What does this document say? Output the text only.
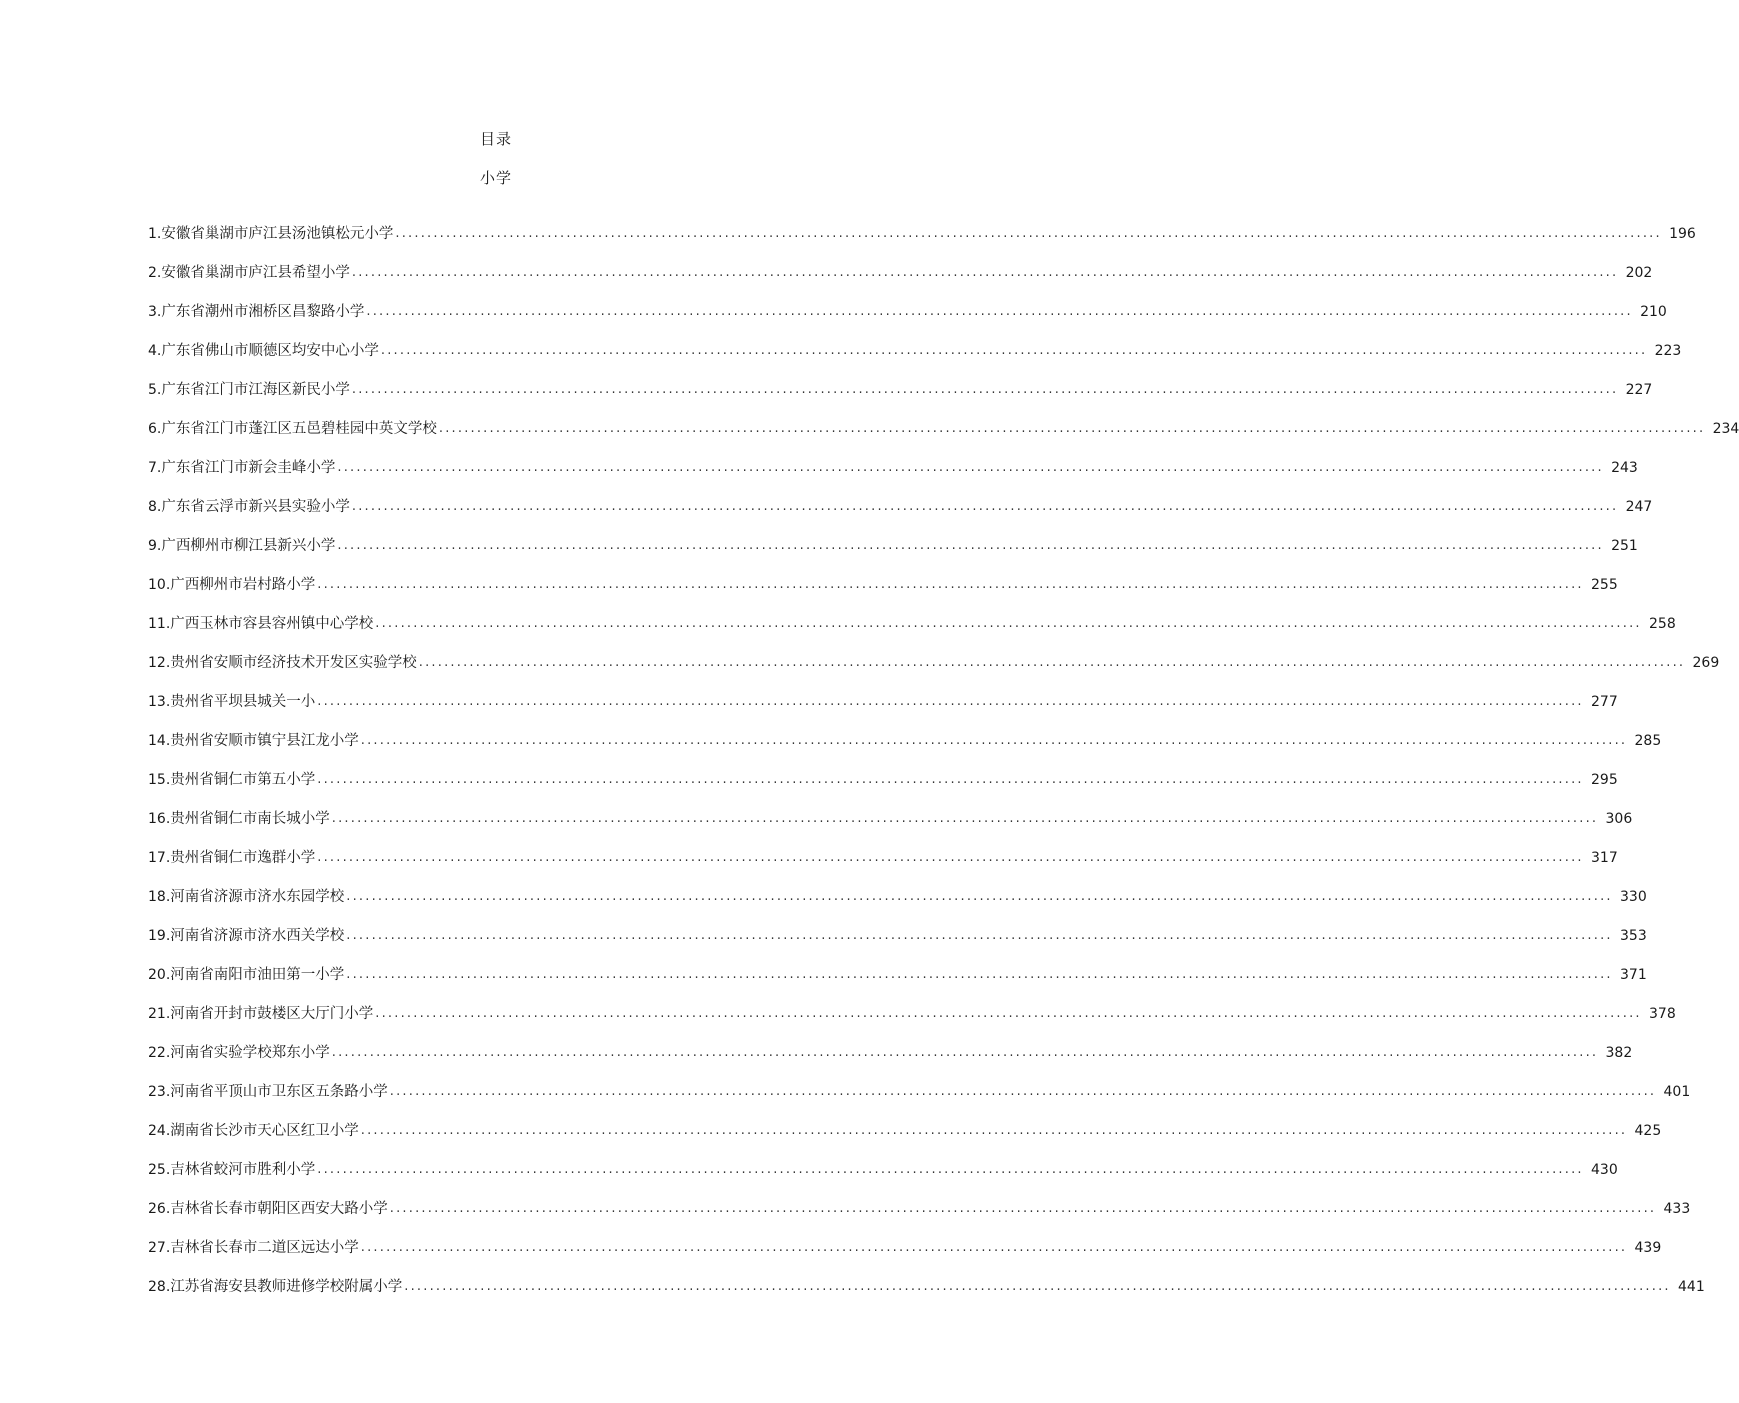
目录
小学
1.安徽省巢湖市庐江县汤池镇松元小学 ........................................................................................................................................................................................................ 196
2.安徽省巢湖市庐江县希望小学 ........................................................................................................................................................................................................ 202
3.广东省潮州市湘桥区昌黎路小学 ........................................................................................................................................................................................................ 210
4.广东省佛山市顺德区均安中心小学 ........................................................................................................................................................................................................ 223
5.广东省江门市江海区新民小学 ........................................................................................................................................................................................................ 227
6.广东省江门市蓬江区五邑碧桂园中英文学校 ........................................................................................................................................................................................................ 234
7.广东省江门市新会圭峰小学 ........................................................................................................................................................................................................ 243
8.广东省云浮市新兴县实验小学 ........................................................................................................................................................................................................ 247
9.广西柳州市柳江县新兴小学 ........................................................................................................................................................................................................ 251
10.广西柳州市岩村路小学 ........................................................................................................................................................................................................ 255
11.广西玉林市容县容州镇中心学校 ........................................................................................................................................................................................................ 258
12.贵州省安顺市经济技术开发区实验学校 ........................................................................................................................................................................................................ 269
13.贵州省平坝县城关一小 ........................................................................................................................................................................................................ 277
14.贵州省安顺市镇宁县江龙小学 ........................................................................................................................................................................................................ 285
15.贵州省铜仁市第五小学 ........................................................................................................................................................................................................ 295
16.贵州省铜仁市南长城小学 ........................................................................................................................................................................................................ 306
17.贵州省铜仁市逸群小学 ........................................................................................................................................................................................................ 317
18.河南省济源市济水东园学校 ........................................................................................................................................................................................................ 330
19.河南省济源市济水西关学校 ........................................................................................................................................................................................................ 353
20.河南省南阳市油田第一小学 ........................................................................................................................................................................................................ 371
21.河南省开封市鼓楼区大厅门小学 ........................................................................................................................................................................................................ 378
22.河南省实验学校郑东小学 ........................................................................................................................................................................................................ 382
23.河南省平顶山市卫东区五条路小学 ........................................................................................................................................................................................................ 401
24.湖南省长沙市天心区红卫小学 ........................................................................................................................................................................................................ 425
25.吉林省蛟河市胜利小学 ........................................................................................................................................................................................................ 430
26.吉林省长春市朝阳区西安大路小学 ........................................................................................................................................................................................................ 433
27.吉林省长春市二道区远达小学 ........................................................................................................................................................................................................ 439
28.江苏省海安县教师进修学校附属小学 ........................................................................................................................................................................................................ 441
